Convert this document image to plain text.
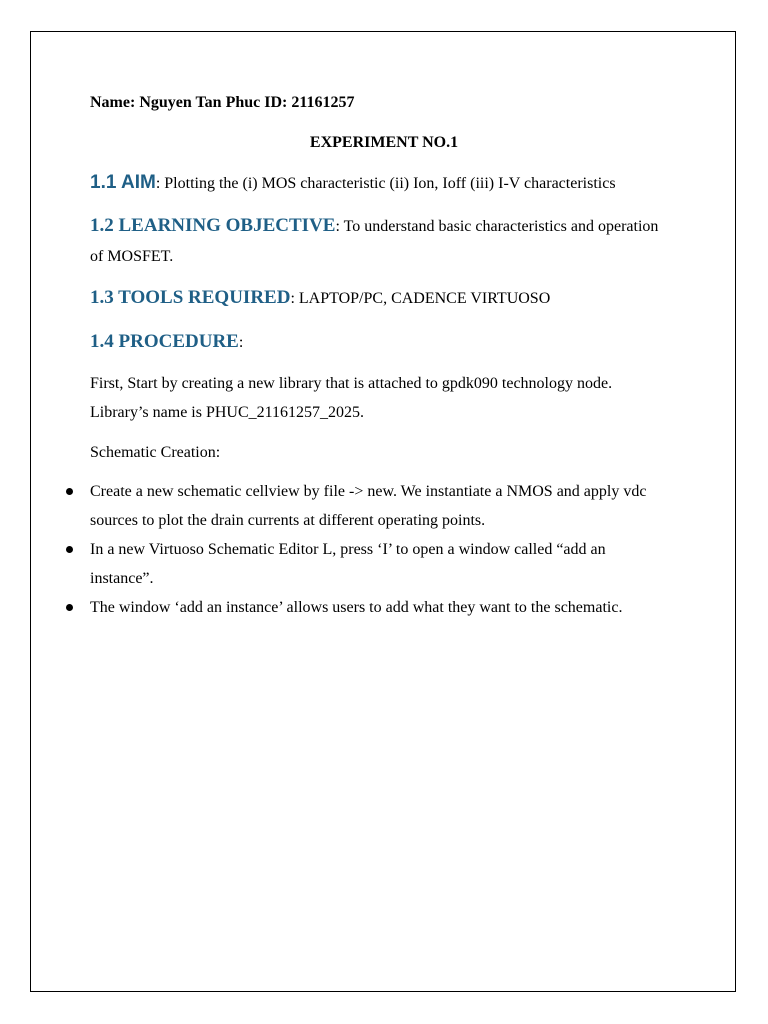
Name: Nguyen Tan Phuc ID: 21161257
EXPERIMENT NO.1
1.1 AIM: Plotting the (i) MOS characteristic (ii) Ion, Ioff (iii) I-V characteristics
1.2 LEARNING OBJECTIVE: To understand basic characteristics and operation
of MOSFET.
1.3 TOOLS REQUIRED: LAPTOP/PC, CADENCE VIRTUOSO
1.4 PROCEDURE:
First, Start by creating a new library that is attached to gpdk090 technology node.
Library’s name is PHUC_21161257_2025.
Schematic Creation:
Create a new schematic cellview by file -> new. We instantiate a NMOS and apply vdc
sources to plot the drain currents at different operating points.
In a new Virtuoso Schematic Editor L, press ‘I’ to open a window called “add an
instance”.
The window ‘add an instance’ allows users to add what they want to the schematic.
